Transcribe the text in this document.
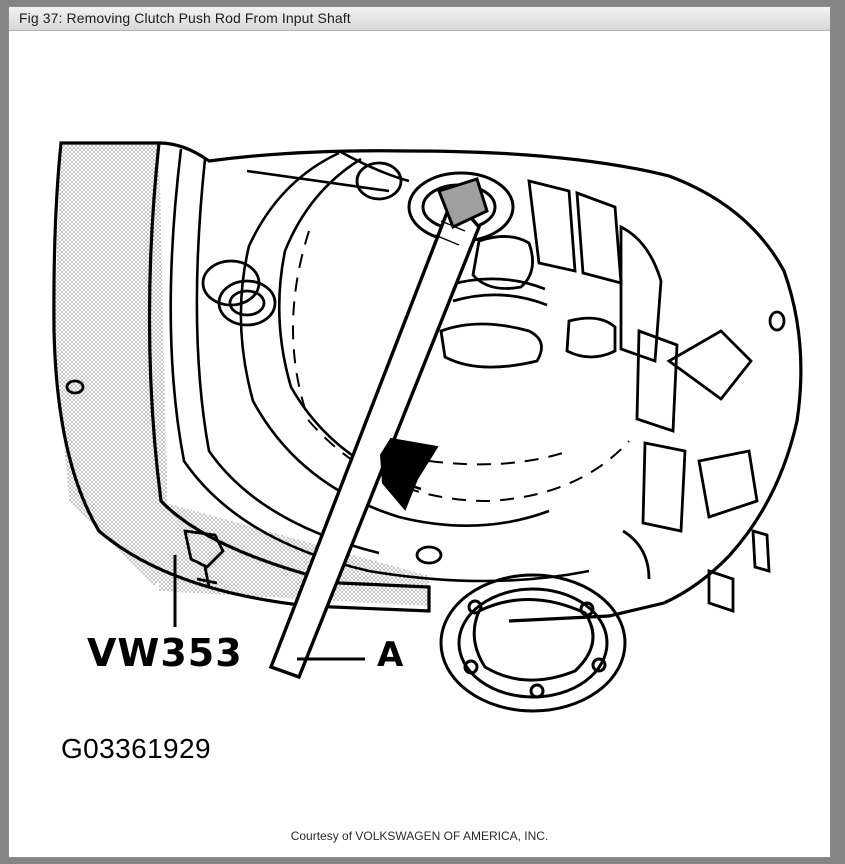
Fig 37: Removing Clutch Push Rod From Input Shaft
VW353	A
G03361929
Courtesy of VOLKSWAGEN OF AMERICA, INC.
